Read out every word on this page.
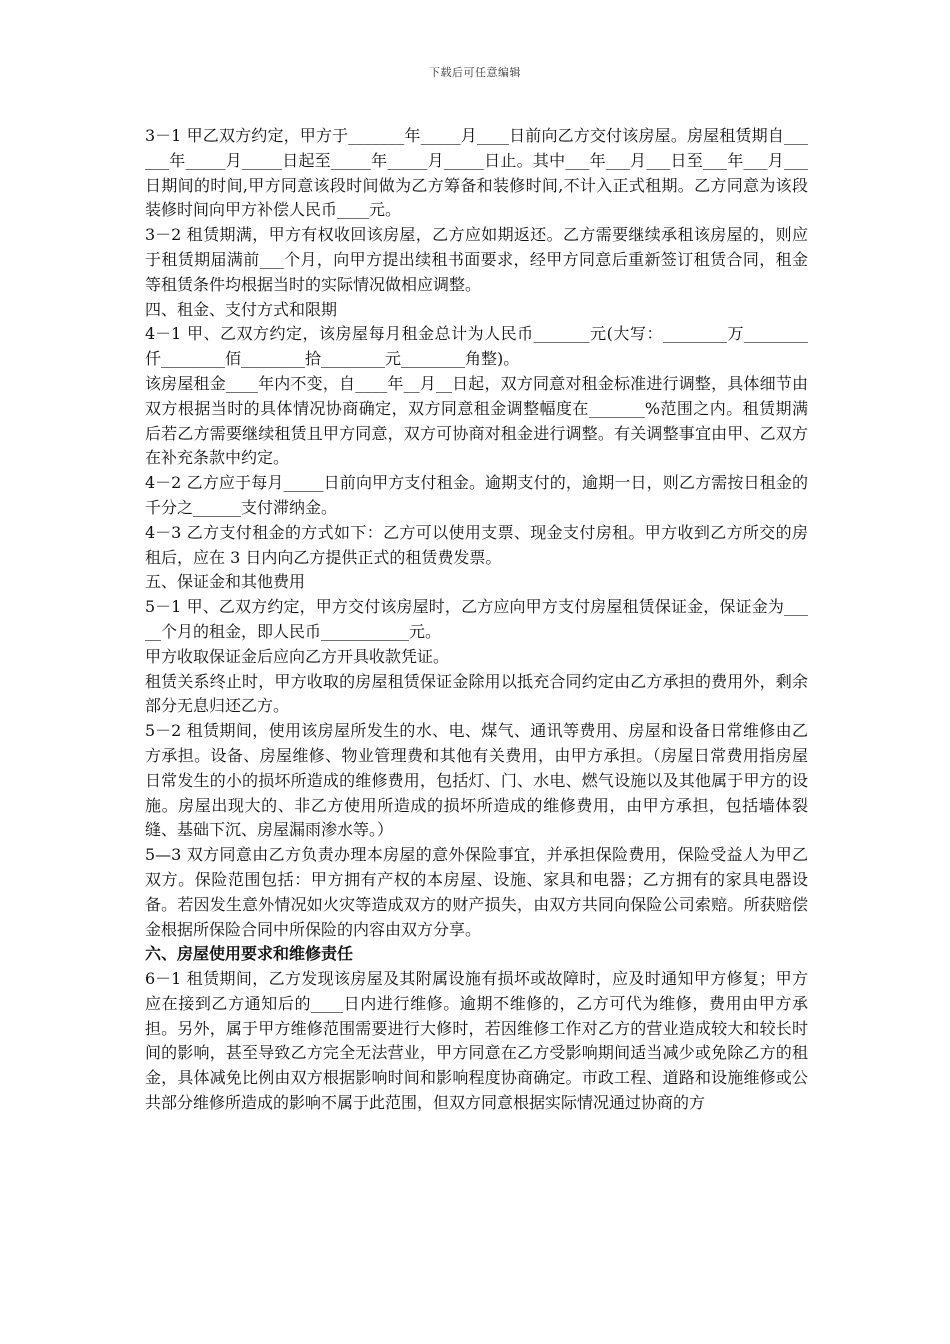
下载后可任意编辑

3－1 甲乙双方约定，甲方于_______年_____月____日前向乙方交付该房屋。房屋租赁期自______年_____月_____日起至_____年_____月_____日止。其中___年___月___日至___年___月___日期间的时间,甲方同意该段时间做为乙方筹备和装修时间,不计入正式租期。乙方同意为该段装修时间向甲方补偿人民币____元。

3－2 租赁期满，甲方有权收回该房屋，乙方应如期返还。乙方需要继续承租该房屋的，则应于租赁期届满前___个月，向甲方提出续租书面要求，经甲方同意后重新签订租赁合同，租金等租赁条件均根据当时的实际情况做相应调整。

四、租金、支付方式和限期

4－1 甲、乙双方约定，该房屋每月租金总计为人民币_______元(大写：________万________仟________佰________拾________元________角整)。

该房屋租金____年内不变，自____年__月__日起，双方同意对租金标准进行调整，具体细节由双方根据当时的具体情况协商确定，双方同意租金调整幅度在_______%范围之内。租赁期满后若乙方需要继续租赁且甲方同意，双方可协商对租金进行调整。有关调整事宜由甲、乙双方在补充条款中约定。

4－2 乙方应于每月_____日前向甲方支付租金。逾期支付的，逾期一日，则乙方需按日租金的千分之______支付滞纳金。

4－3 乙方支付租金的方式如下：乙方可以使用支票、现金支付房租。甲方收到乙方所交的房租后，应在 3 日内向乙方提供正式的租赁费发票。

五、保证金和其他费用

5－1 甲、乙双方约定，甲方交付该房屋时，乙方应向甲方支付房屋租赁保证金，保证金为_____个月的租金，即人民币___________元。

甲方收取保证金后应向乙方开具收款凭证。

租赁关系终止时，甲方收取的房屋租赁保证金除用以抵充合同约定由乙方承担的费用外，剩余部分无息归还乙方。

5－2 租赁期间，使用该房屋所发生的水、电、煤气、通讯等费用、房屋和设备日常维修由乙方承担。设备、房屋维修、物业管理费和其他有关费用，由甲方承担。（房屋日常费用指房屋日常发生的小的损坏所造成的维修费用，包括灯、门、水电、燃气设施以及其他属于甲方的设施。房屋出现大的、非乙方使用所造成的损坏所造成的维修费用，由甲方承担，包括墙体裂缝、基础下沉、房屋漏雨渗水等。）

5—3 双方同意由乙方负责办理本房屋的意外保险事宜，并承担保险费用，保险受益人为甲乙双方。保险范围包括：甲方拥有产权的本房屋、设施、家具和电器；乙方拥有的家具电器设备。若因发生意外情况如火灾等造成双方的财产损失，由双方共同向保险公司索赔。所获赔偿金根据所保险合同中所保险的内容由双方分享。

六、房屋使用要求和维修责任

6－1 租赁期间，乙方发现该房屋及其附属设施有损坏或故障时，应及时通知甲方修复；甲方应在接到乙方通知后的____日内进行维修。逾期不维修的，乙方可代为维修，费用由甲方承担。另外，属于甲方维修范围需要进行大修时，若因维修工作对乙方的营业造成较大和较长时间的影响，甚至导致乙方完全无法营业，甲方同意在乙方受影响期间适当减少或免除乙方的租金，具体减免比例由双方根据影响时间和影响程度协商确定。市政工程、道路和设施维修或公共部分维修所造成的影响不属于此范围，但双方同意根据实际情况通过协商的方
